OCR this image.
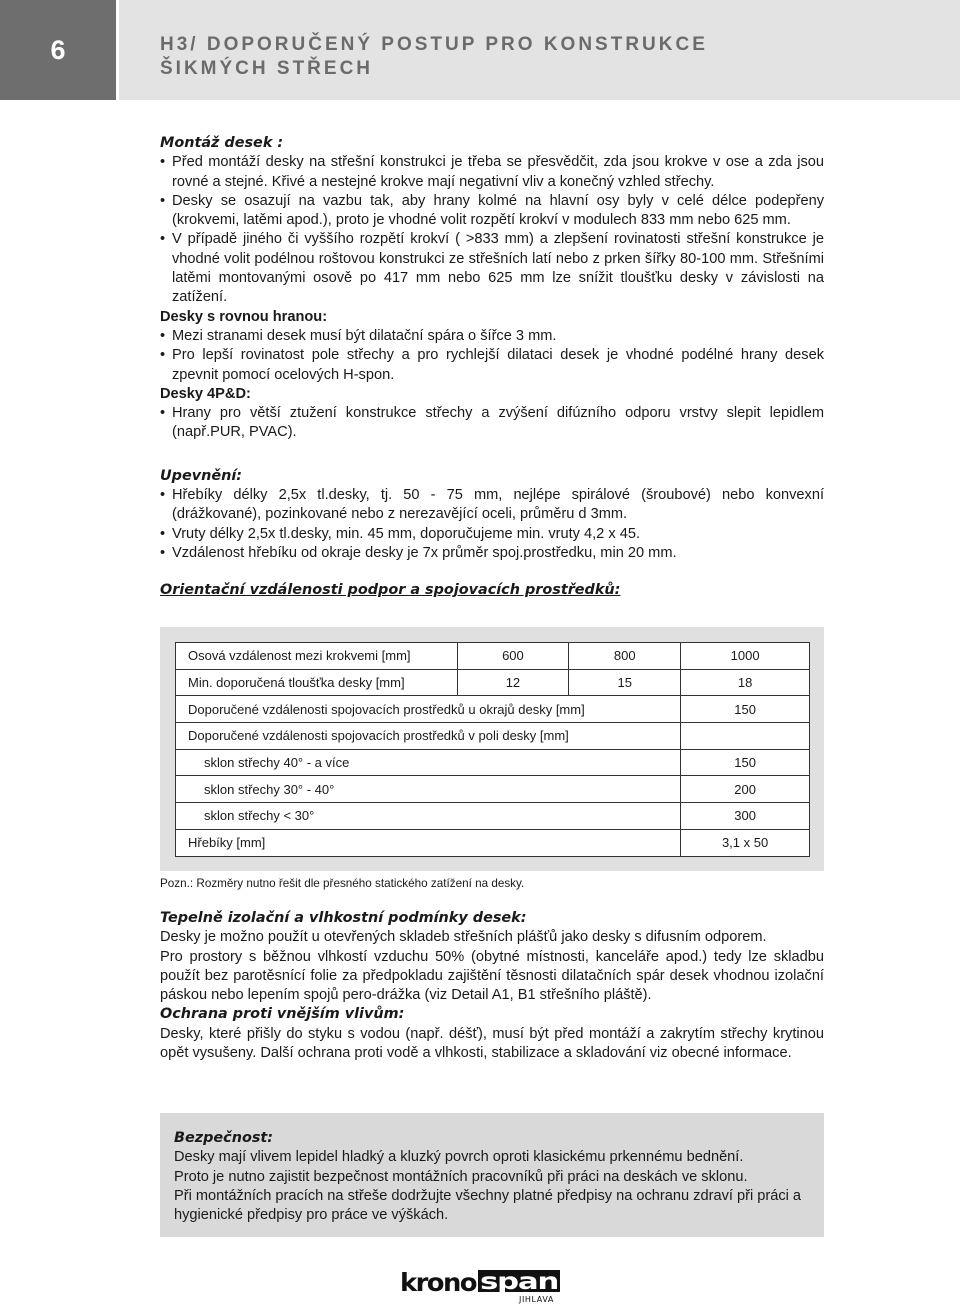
6	H3/ DOPORUČENÝ POSTUP PRO KONSTRUKCE
ŠIKMÝCH STŘECH

Montáž desek :

• Před montáží desky na střešní konstrukci je třeba se přesvědčit, zda jsou krokve v ose a zda jsou rovné a stejné. Křivé a nestejné krokve mají negativní vliv a konečný vzhled střechy.
• Desky se osazují na vazbu tak, aby hrany kolmé na hlavní osy byly v celé délce podepřeny (krokvemi, latěmi apod.), proto je vhodné volit rozpětí krokví v modulech 833 mm nebo 625 mm.
• V případě jiného či vyššího rozpětí krokví ( >833 mm) a zlepšení rovinatosti střešní konstrukce je vhodné volit podélnou roštovou konstrukci ze střešních latí nebo z prken šířky 80-100 mm. Střešními latěmi montovanými osově po 417 mm nebo 625 mm lze snížit tloušťku desky v závislosti na zatížení.

Desky s rovnou hranou:

• Mezi stranami desek musí být dilatační spára o šířce 3 mm.
• Pro lepší rovinatost pole střechy a pro rychlejší dilataci desek je vhodné podélné hrany desek zpevnit pomocí ocelových H-spon.

Desky 4P&D:

• Hrany pro větší ztužení konstrukce střechy a zvýšení difúzního odporu vrstvy slepit lepidlem (např.PUR, PVAC).

Upevnění:

• Hřebíky délky 2,5x tl.desky, tj. 50 - 75 mm, nejlépe spirálové (šroubové) nebo konvexní (drážkované), pozinkované nebo z nerezavějící oceli, průměru d 3mm.
• Vruty délky 2,5x tl.desky, min. 45 mm, doporučujeme min. vruty 4,2 x 45.
• Vzdálenost hřebíku od okraje desky je 7x průměr spoj.prostředku, min 20 mm.

Orientační vzdálenosti podpor a spojovacích prostředků:

Osová vzdálenost mezi krokvemi [mm]	600	800	1000
Min. doporučená tloušťka desky [mm]	12	15	18
Doporučené vzdálenosti spojovacích prostředků u okrajů desky [mm]			150
Doporučené vzdálenosti spojovacích prostředků v poli desky [mm]			
sklon střechy 40° - a více			150
sklon střechy 30° - 40°			200
sklon střechy < 30°			300
Hřebíky [mm]			3,1 x 50
Pozn.: Rozměry nutno řešit dle přesného statického zatížení na desky.

Tepelně izolační a vlhkostní podmínky desek:

Desky je možno použít u otevřených skladeb střešních plášťů jako desky s difusním odporem.

Pro prostory s běžnou vlhkostí vzduchu 50% (obytné místnosti, kanceláře apod.) tedy lze skladbu použít bez parotěsnící folie za předpokladu zajištění těsnosti dilatačních spár desek vhodnou izolační páskou nebo lepením spojů pero-drážka (viz Detail A1, B1 střešního pláště).

Ochrana proti vnějším vlivům:

Desky, které přišly do styku s vodou (např. déšť), musí být před montáží a zakrytím střechy krytinou opět vysušeny. Další ochrana proti vodě a vlhkosti, stabilizace a skladování viz obecné informace.

Bezpečnost:

Desky mají vlivem lepidel hladký a kluzký povrch oproti klasickému prkennému bednění.

Proto je nutno zajistit bezpečnost montážních pracovníků při práci na deskách ve sklonu.

Při montážních pracích na střeše dodržujte všechny platné předpisy na ochranu zdraví při práci a hygienické předpisy pro práce ve výškách.

krono span
JIHLAVA
